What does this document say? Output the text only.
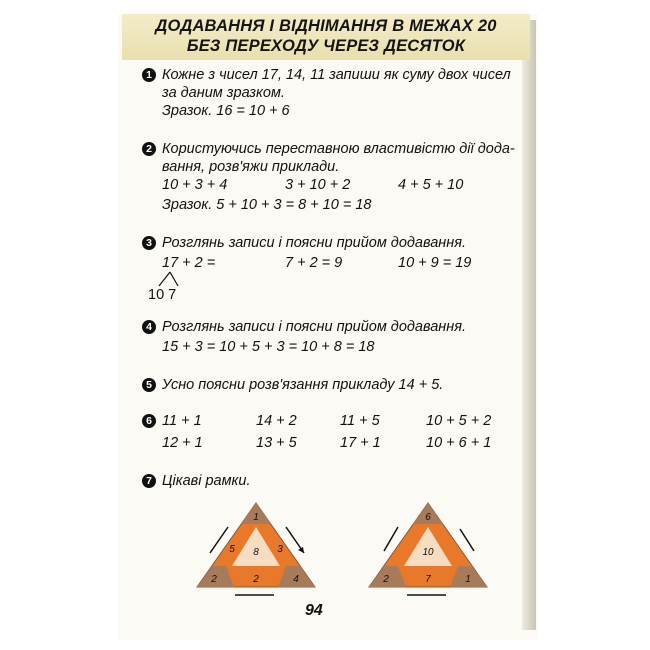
ДОДАВАННЯ І ВІДНІМАННЯ В МЕЖАХ 20
БЕЗ ПЕРЕХОДУ ЧЕРЕЗ ДЕСЯТОК
1 Кожне з чисел 17, 14, 11 запиши як суму двох чисел
за даним зразком.
Зразок. 16 = 10 + 6
2 Користуючись переставною властивістю дії додa-
вання, розв'яжи приклади.
10 + 3 + 4	3 + 10 + 2	4 + 5 + 10
Зразок. 5 + 10 + 3 = 8 + 10 = 18
3 Розглянь записи і поясни прийом додавання.
17 + 2 =	7 + 2 = 9	10 + 9 = 19
10 7
4 Розглянь записи і поясни прийом додавання.
15 + 3 = 10 + 5 + 3 = 10 + 8 = 18
5 Усно поясни розв'язання прикладу 14 + 5.
6 11 + 1	14 + 2	11 + 5	10 + 5 + 2
12 + 1	13 + 5	17 + 1	10 + 6 + 1
7 Цікаві рамки.
1
5 8 3
2	2	4
6
10
2	7	1
94
